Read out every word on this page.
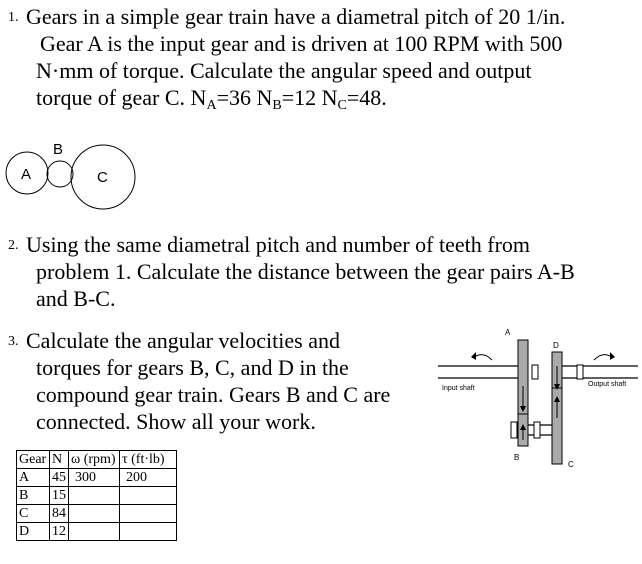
1. Gears in a simple gear train have a diametral pitch of 20 1/in.
Gear A is the input gear and is driven at 100 RPM with 500
N·mm of torque. Calculate the angular speed and output
torque of gear C. $N_A=36$ $N_B=12$ $N_C=48$.
A
B
C
2. Using the same diametral pitch and number of teeth from
problem 1. Calculate the distance between the gear pairs A-B
and B-C.
3. Calculate the angular velocities and
torques for gears B, C, and D in the
compound gear train. Gears B and C are
connected. Show all your work.
A
B
C
D
Input shaft
Output shaft
Gear	N	ω (rpm)	τ (ft·lb)
A	45	300	200
B	15		
C	84		
D	12		
